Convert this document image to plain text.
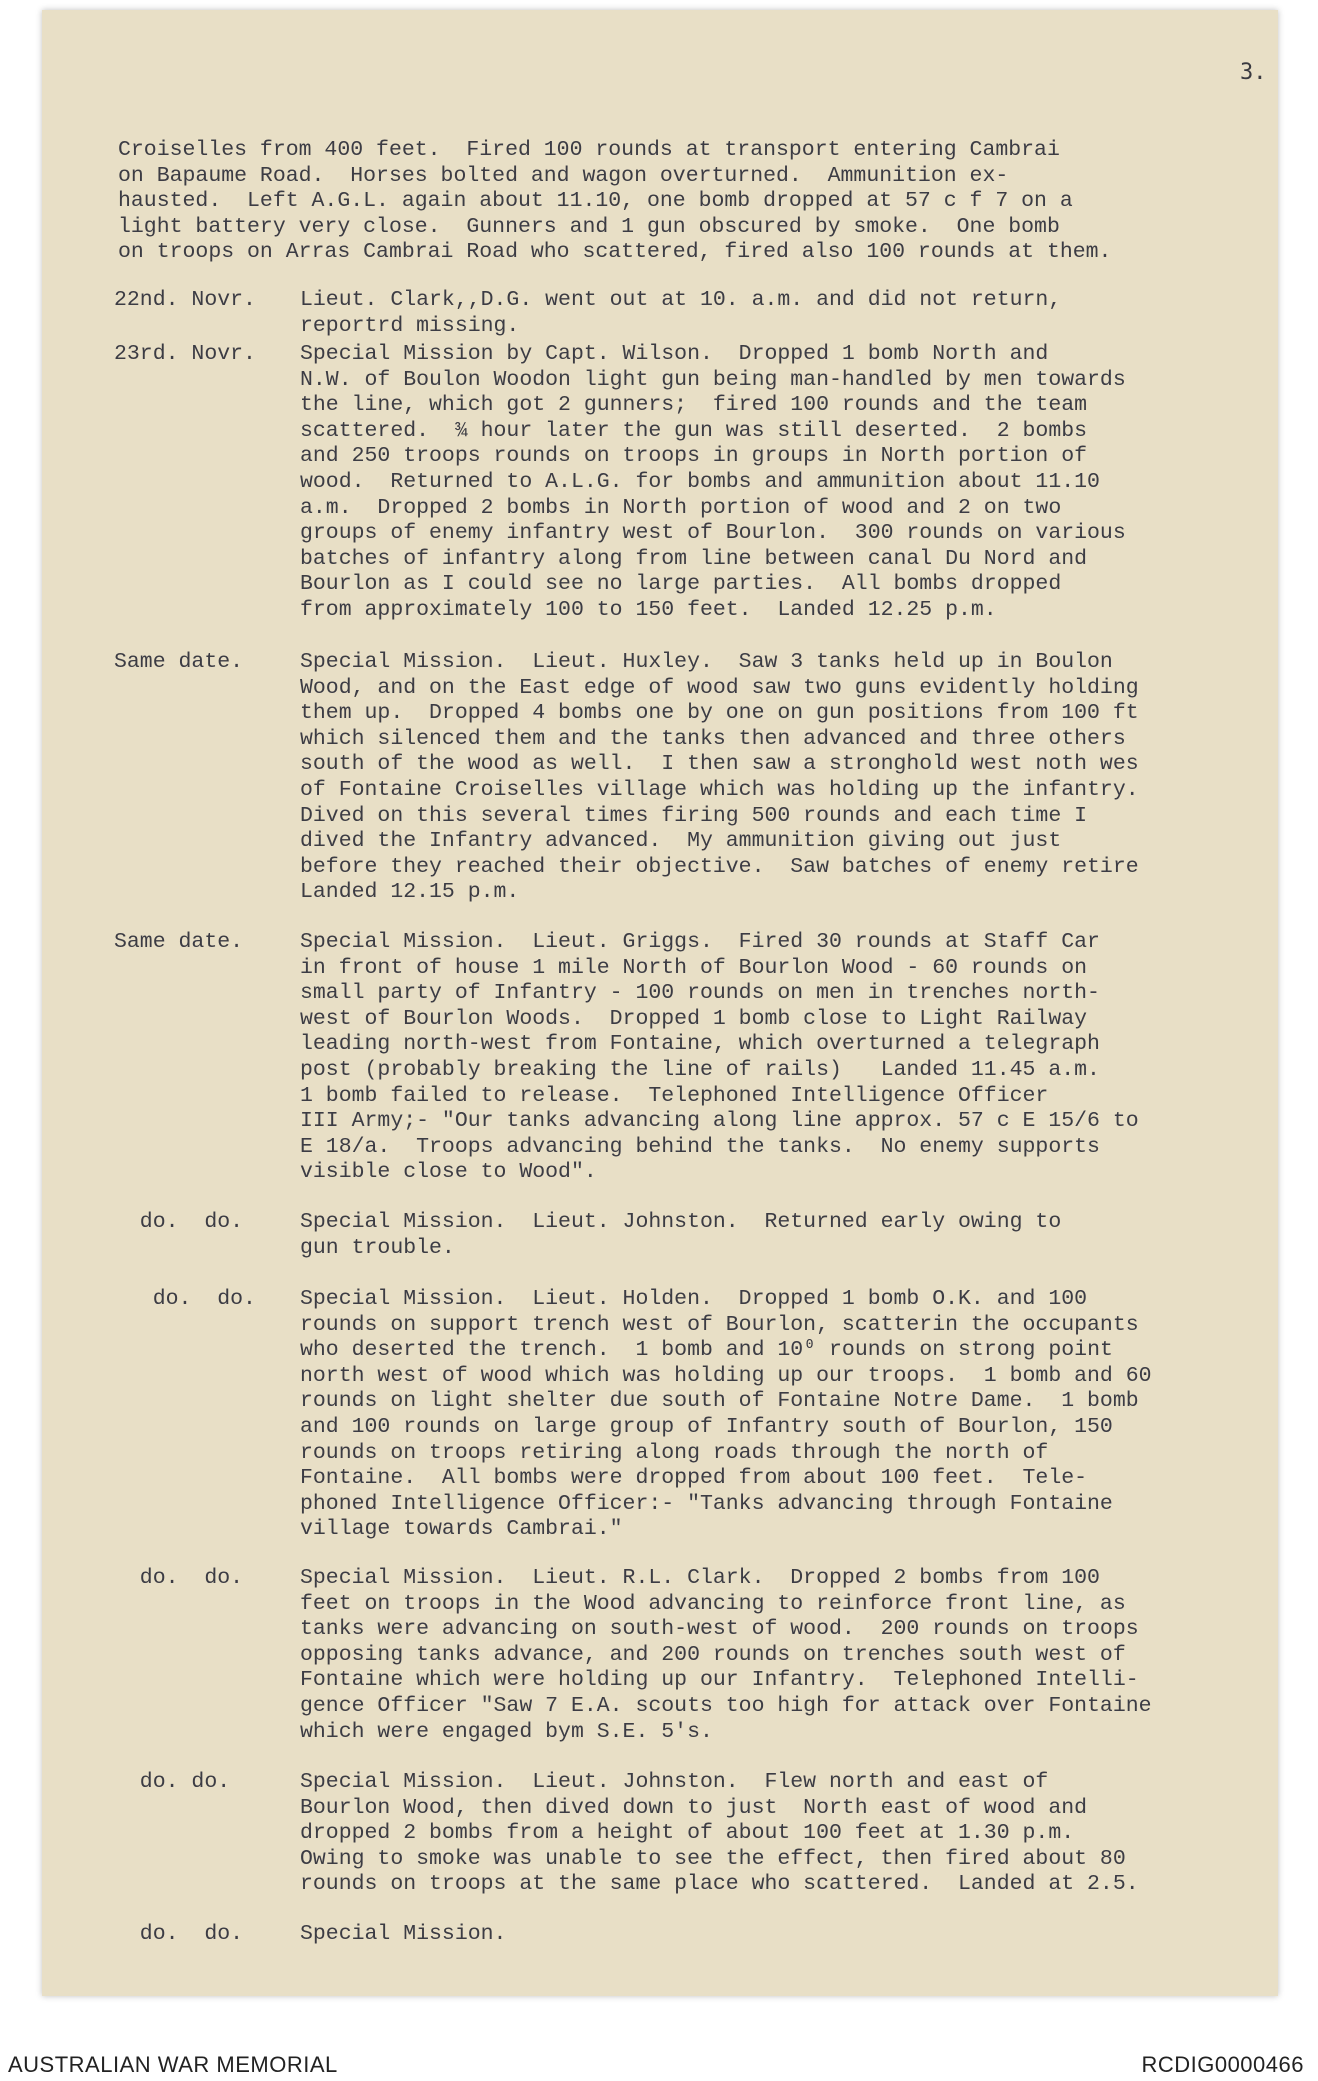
3.
Croiselles from 400 feet.  Fired 100 rounds at transport entering Cambrai
on Bapaume Road.  Horses bolted and wagon overturned.  Ammunition ex-
hausted.  Left A.G.L. again about 11.10, one bomb dropped at 57 c f 7 on a
light battery very close.  Gunners and 1 gun obscured by smoke.  One bomb
on troops on Arras Cambrai Road who scattered, fired also 100 rounds at them.
22nd. Novr. Lieut. Clark,,D.G. went out at 10. a.m. and did not return,
reportrd missing.
23rd. Novr. Special Mission by Capt. Wilson.  Dropped 1 bomb North and
N.W. of Boulon Woodon light gun being man-handled by men towards
the line, which got 2 gunners;  fired 100 rounds and the team
scattered.  ¾ hour later the gun was still deserted.  2 bombs
and 250 troops rounds on troops in groups in North portion of
wood.  Returned to A.L.G. for bombs and ammunition about 11.10
a.m.  Dropped 2 bombs in North portion of wood and 2 on two
groups of enemy infantry west of Bourlon.  300 rounds on various
batches of infantry along from line between canal Du Nord and
Bourlon as I could see no large parties.  All bombs dropped
from approximately 100 to 150 feet.  Landed 12.25 p.m.
Same date.	Special Mission.  Lieut. Huxley.  Saw 3 tanks held up in Boulon
Wood, and on the East edge of wood saw two guns evidently holding
them up.  Dropped 4 bombs one by one on gun positions from 100 ft
which silenced them and the tanks then advanced and three others
south of the wood as well.  I then saw a stronghold west noth wes
of Fontaine Croiselles village which was holding up the infantry.
Dived on this several times firing 500 rounds and each time I
dived the Infantry advanced.  My ammunition giving out just
before they reached their objective.  Saw batches of enemy retire
Landed 12.15 p.m.
Same date.	Special Mission.  Lieut. Griggs.  Fired 30 rounds at Staff Car
in front of house 1 mile North of Bourlon Wood - 60 rounds on
small party of Infantry - 100 rounds on men in trenches north-
west of Bourlon Woods.  Dropped 1 bomb close to Light Railway
leading north-west from Fontaine, which overturned a telegraph
post (probably breaking the line of rails)   Landed 11.45 a.m.
1 bomb failed to release.  Telephoned Intelligence Officer
III Army;- "Our tanks advancing along line approx. 57 c E 15/6 to
E 18/a.  Troops advancing behind the tanks.  No enemy supports
visible close to Wood".
do.  do.	Special Mission.  Lieut. Johnston.  Returned early owing to
gun trouble.
do.  do. Special Mission.  Lieut. Holden.  Dropped 1 bomb O.K. and 100
rounds on support trench west of Bourlon, scatterin the occupants
who deserted the trench.  1 bomb and 10⁰ rounds on strong point
north west of wood which was holding up our troops.  1 bomb and 60
rounds on light shelter due south of Fontaine Notre Dame.  1 bomb
and 100 rounds on large group of Infantry south of Bourlon, 150
rounds on troops retiring along roads through the north of
Fontaine.  All bombs were dropped from about 100 feet.  Tele-
phoned Intelligence Officer:- "Tanks advancing through Fontaine
village towards Cambrai."
do.  do.	Special Mission.  Lieut. R.L. Clark.  Dropped 2 bombs from 100
feet on troops in the Wood advancing to reinforce front line, as
tanks were advancing on south-west of wood.  200 rounds on troops
opposing tanks advance, and 200 rounds on trenches south west of
Fontaine which were holding up our Infantry.  Telephoned Intelli-
gence Officer "Saw 7 E.A. scouts too high for attack over Fontaine
which were engaged bym S.E. 5's.
do. do.	Special Mission.  Lieut. Johnston.  Flew north and east of
Bourlon Wood, then dived down to just  North east of wood and
dropped 2 bombs from a height of about 100 feet at 1.30 p.m.
Owing to smoke was unable to see the effect, then fired about 80
rounds on troops at the same place who scattered.  Landed at 2.5.
do.  do.	Special Mission.
AUSTRALIAN WAR MEMORIAL	RCDIG0000466
